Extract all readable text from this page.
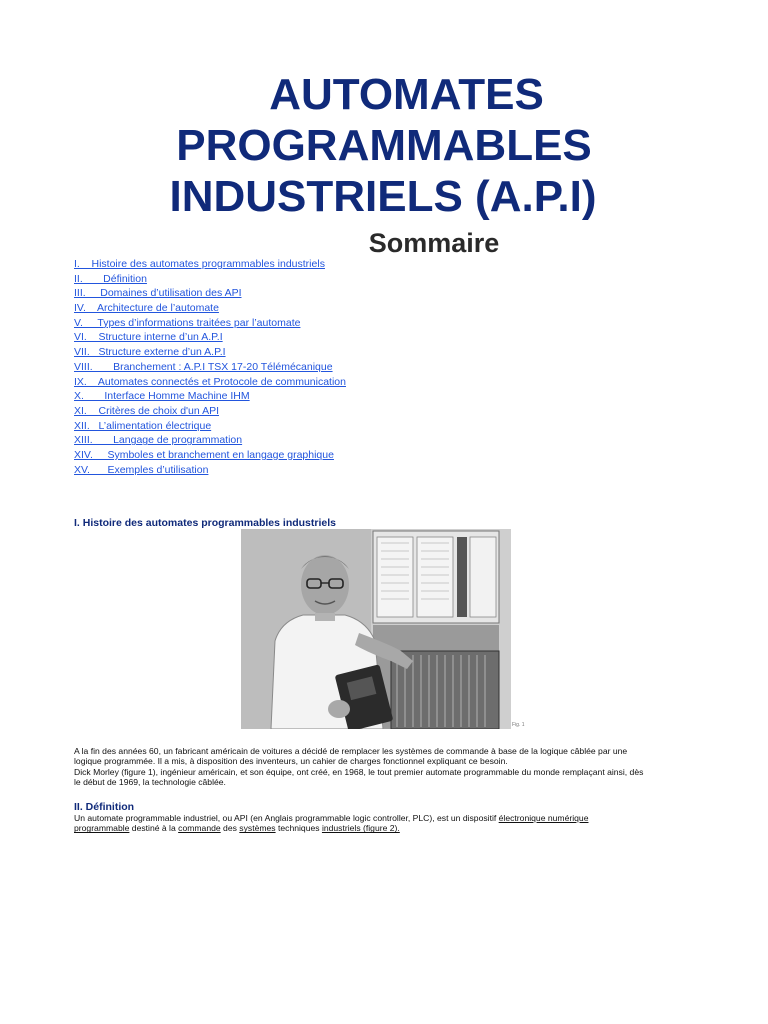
AUTOMATES
PROGRAMMABLES
INDUSTRIELS (A.P.I)
Sommaire
I.    Histoire des automates programmables industriels
II.       Définition
III.     Domaines d’utilisation des API
IV.    Architecture de l’automate
V.     Types d’informations traitées par l’automate
VI.    Structure interne d’un A.P.I
VII.   Structure externe d’un A.P.I
VIII.       Branchement : A.P.I TSX 17-20 Télémécanique
IX.    Automates connectés et Protocole de communication
X.       Interface Homme Machine IHM
XI.    Critères de choix d'un API
XII.   L’alimentation électrique
XIII.       Langage de programmation
XIV.     Symboles et branchement en langage graphique
XV.      Exemples d’utilisation
I. Histoire des automates programmables industriels
Fig. 1
A la fin des années 60, un fabricant américain de voitures a décidé de remplacer les systèmes de commande à base de la logique câblée par une
logique programmée. Il a mis, à disposition des inventeurs, un cahier de charges fonctionnel expliquant ce besoin.
Dick Morley (figure 1), ingénieur américain, et son équipe, ont créé, en 1968, le tout premier automate programmable du monde remplaçant ainsi, dès
le début de 1969, la technologie câblée.
II. Définition
Un automate programmable industriel, ou API (en Anglais programmable logic controller, PLC), est un dispositif électronique numérique
programmable destiné à la commande des systèmes techniques industriels (figure 2).
